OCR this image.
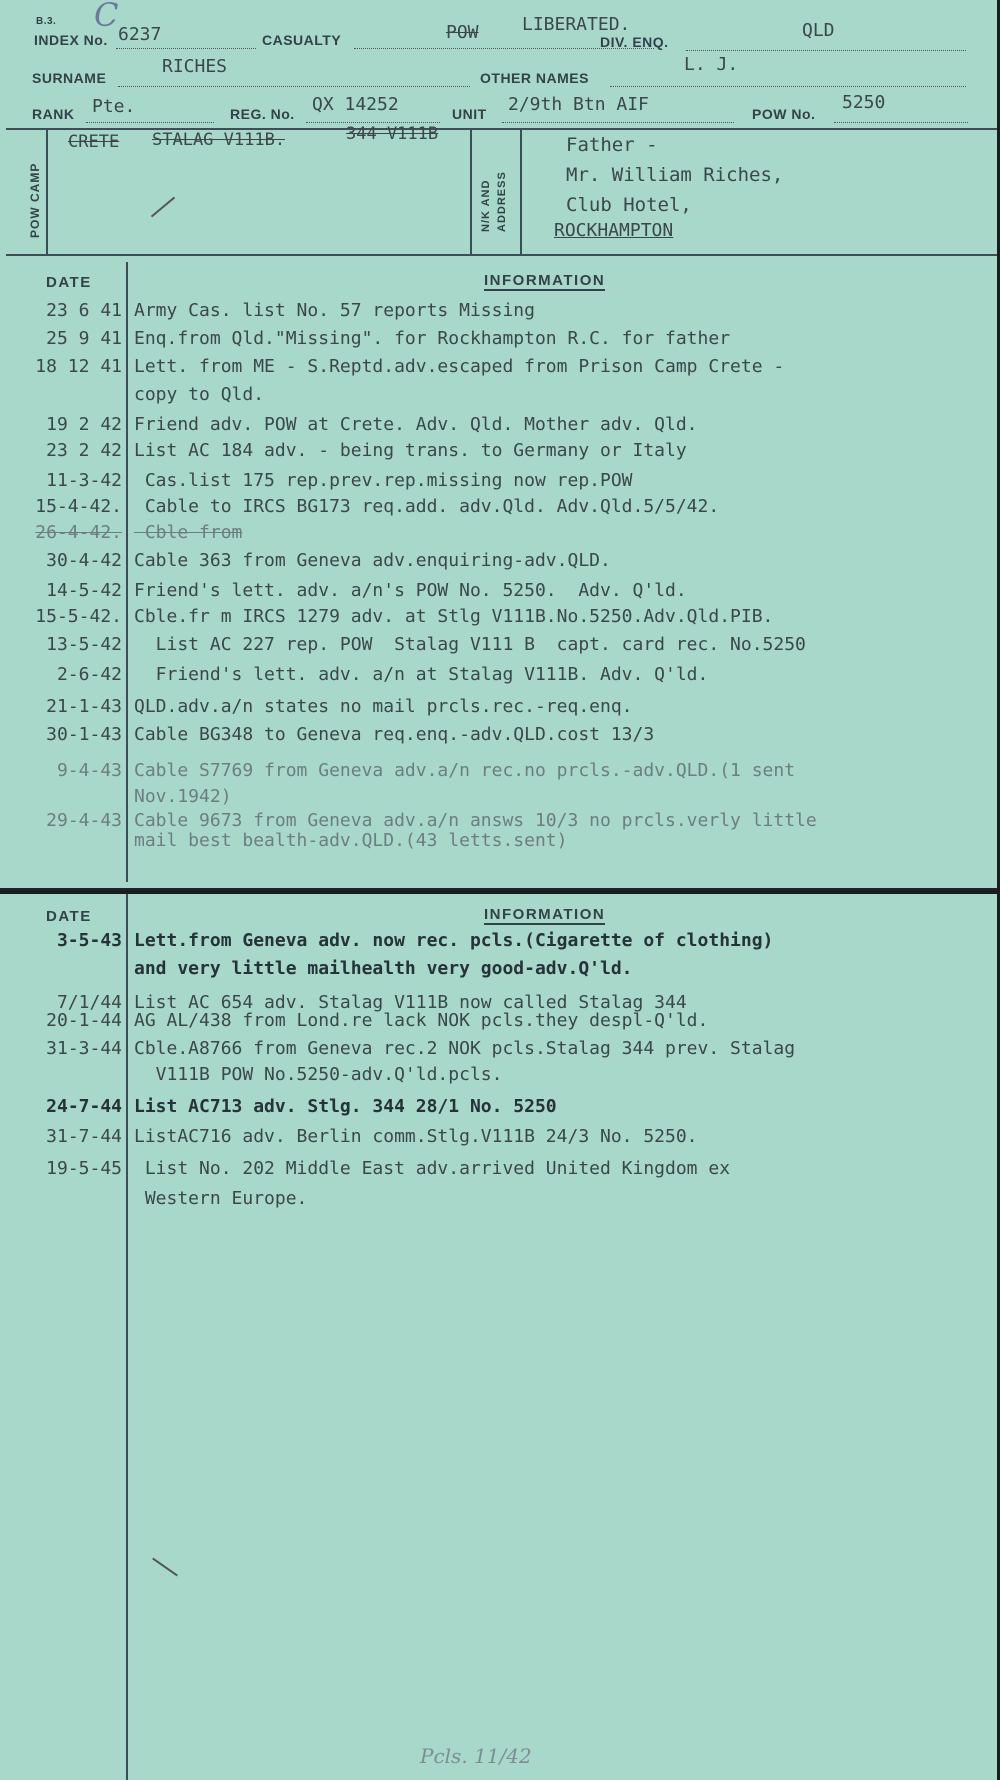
B.3. C
INDEX No. 6237	CASUALTY	POW LIBERATED.
DIV. ENQ.
QLD
SURNAME
RICHES
OTHER NAMES
L. J.
RANK Pte.	REG. No. QX 14252	UNIT 2/9th Btn AIF	POW No.
5250
POW CAMP
CRETE STALAG V111B.	344 V111B
N/K AND ADDRESS
Father -
Mr. William Riches,
Club Hotel,
ROCKHAMPTON
DATE	INFORMATION
23 6 41 Army Cas. list No. 57 reports Missing
25 9 41 Enq.from Qld."Missing". for Rockhampton R.C. for father
18 12 41 Lett. from ME - S.Reptd.adv.escaped from Prison Camp Crete -
copy to Qld.
19 2 42 Friend adv. POW at Crete. Adv. Qld. Mother adv. Qld.
23 2 42 List AC 184 adv. - being trans. to Germany or Italy
11-3-42 Cas.list 175 rep.prev.rep.missing now rep.POW
15-4-42. Cable to IRCS BG173 req.add. adv.Qld. Adv.Qld.5/5/42.
26-4-42. Cble from
30-4-42 Cable 363 from Geneva adv.enquiring-adv.QLD.
14-5-42 Friend's lett. adv. a/n's POW No. 5250.  Adv. Q'ld.
15-5-42. Cble.fr m IRCS 1279 adv. at Stlg V111B.No.5250.Adv.Qld.PIB.
13-5-42 List AC 227 rep. POW  Stalag V111 B  capt. card rec. No.5250
2-6-42 Friend's lett. adv. a/n at Stalag V111B. Adv. Q'ld.
21-1-43 QLD.adv.a/n states no mail prcls.rec.-req.enq.
30-1-43 Cable BG348 to Geneva req.enq.-adv.QLD.cost 13/3
9-4-43 Cable S7769 from Geneva adv.a/n rec.no prcls.-adv.QLD.(1 sent
Nov.1942)
29-4-43 Cable 9673 from Geneva adv.a/n answs 10/3 no prcls.verly little
mail best bealth-adv.QLD.(43 letts.sent)
DATE	INFORMATION
3-5-43 Lett.from Geneva adv. now rec. pcls.(Cigarette of clothing)
and very little mailhealth very good-adv.Q'ld.
7/1/44 List AC 654 adv. Stalag V111B now called Stalag 344
20-1-44 AG AL/438 from Lond.re lack NOK pcls.they despl-Q'ld.
31-3-44 Cble.A8766 from Geneva rec.2 NOK pcls.Stalag 344 prev. Stalag
V111B POW No.5250-adv.Q'ld.pcls.
24-7-44 List AC713 adv. Stlg. 344 28/1 No. 5250
31-7-44 ListAC716 adv. Berlin comm.Stlg.V111B 24/3 No. 5250.
19-5-45 List No. 202 Middle East adv.arrived United Kingdom ex
Western Europe.
Pcls. 11/42
